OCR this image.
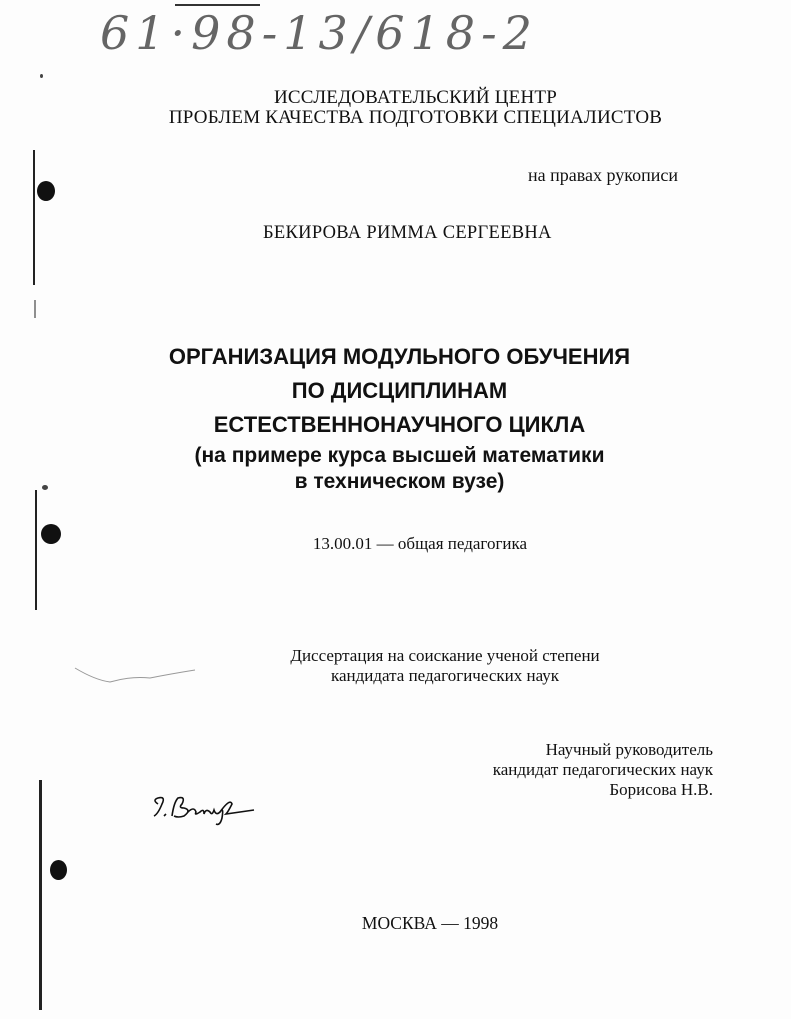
61·98-13/618-2
ИССЛЕДОВАТЕЛЬСКИЙ ЦЕНТР
ПРОБЛЕМ КАЧЕСТВА ПОДГОТОВКИ СПЕЦИАЛИСТОВ
на правах рукописи
БЕКИРОВА РИММА СЕРГЕЕВНА
ОРГАНИЗАЦИЯ МОДУЛЬНОГО ОБУЧЕНИЯ
ПО ДИСЦИПЛИНАМ
ЕСТЕСТВЕННОНАУЧНОГО ЦИКЛА
(на примере курса высшей математики
в техническом вузе)
13.00.01 — общая педагогика
Диссертация на соискание ученой степени
кандидата педагогических наук
Научный руководитель
кандидат педагогических наук
Борисова Н.В.
МОСКВА — 1998
